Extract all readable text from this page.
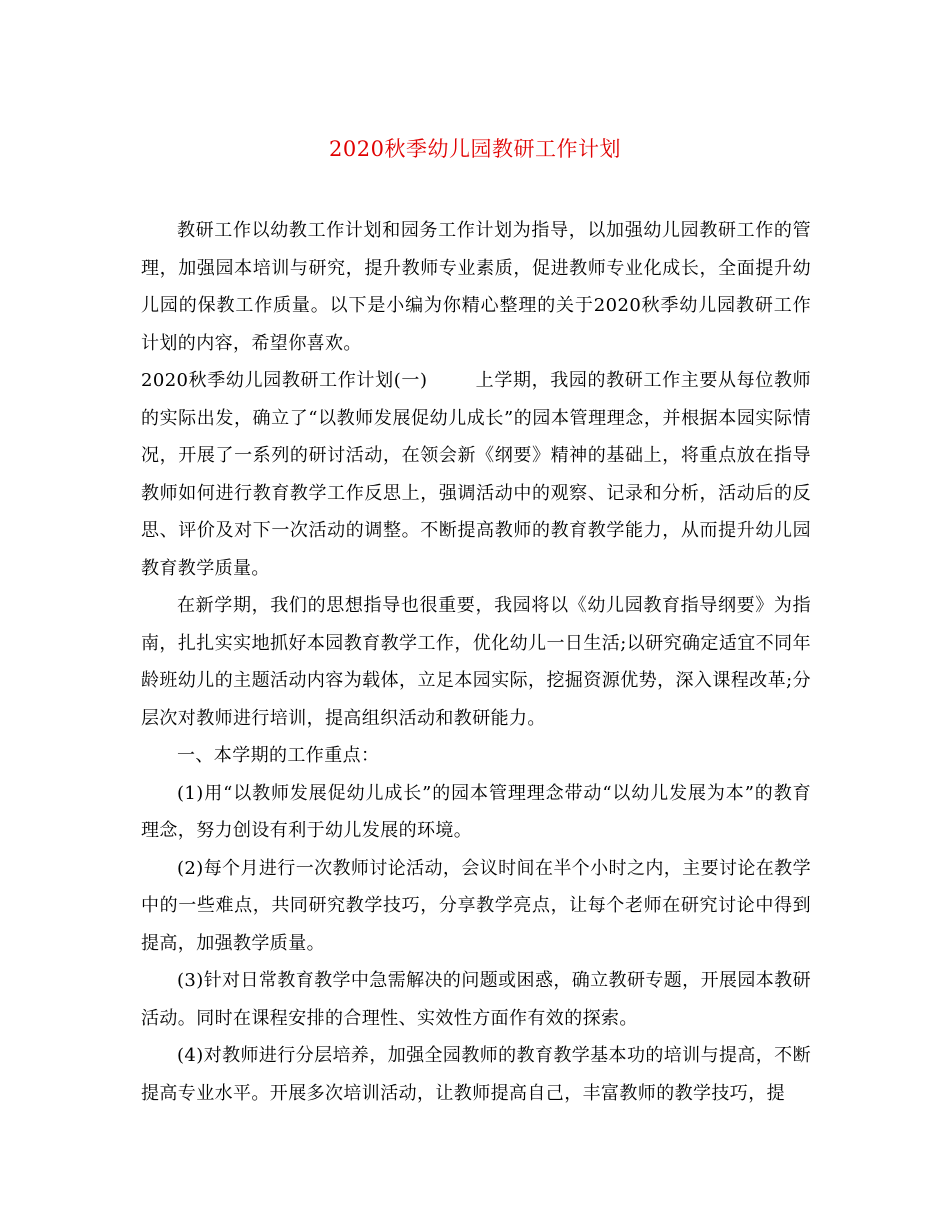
2020秋季幼儿园教研工作计划

教研工作以幼教工作计划和园务工作计划为指导，以加强幼儿园教研工作的管理，加强园本培训与研究，提升教师专业素质，促进教师专业化成长，全面提升幼儿园的保教工作质量。以下是小编为你精心整理的关于2020秋季幼儿园教研工作计划的内容，希望你喜欢。

2020秋季幼儿园教研工作计划(一)	上学期，我园的教研工作主要从每位教师的实际出发，确立了“以教师发展促幼儿成长”的园本管理理念，并根据本园实际情况，开展了一系列的研讨活动，在领会新《纲要》精神的基础上，将重点放在指导教师如何进行教育教学工作反思上，强调活动中的观察、记录和分析，活动后的反思、评价及对下一次活动的调整。不断提高教师的教育教学能力，从而提升幼儿园教育教学质量。

在新学期，我们的思想指导也很重要，我园将以《幼儿园教育指导纲要》为指南，扎扎实实地抓好本园教育教学工作，优化幼儿一日生活;以研究确定适宜不同年龄班幼儿的主题活动内容为载体，立足本园实际，挖掘资源优势，深入课程改革;分层次对教师进行培训，提高组织活动和教研能力。

一、本学期的工作重点：

(1)用“以教师发展促幼儿成长”的园本管理理念带动“以幼儿发展为本”的教育理念，努力创设有利于幼儿发展的环境。

(2)每个月进行一次教师讨论活动，会议时间在半个小时之内，主要讨论在教学中的一些难点，共同研究教学技巧，分享教学亮点，让每个老师在研究讨论中得到提高，加强教学质量。

(3)针对日常教育教学中急需解决的问题或困惑，确立教研专题，开展园本教研活动。同时在课程安排的合理性、实效性方面作有效的探索。

(4)对教师进行分层培养，加强全园教师的教育教学基本功的培训与提高，不断提高专业水平。开展多次培训活动，让教师提高自己，丰富教师的教学技巧，提
